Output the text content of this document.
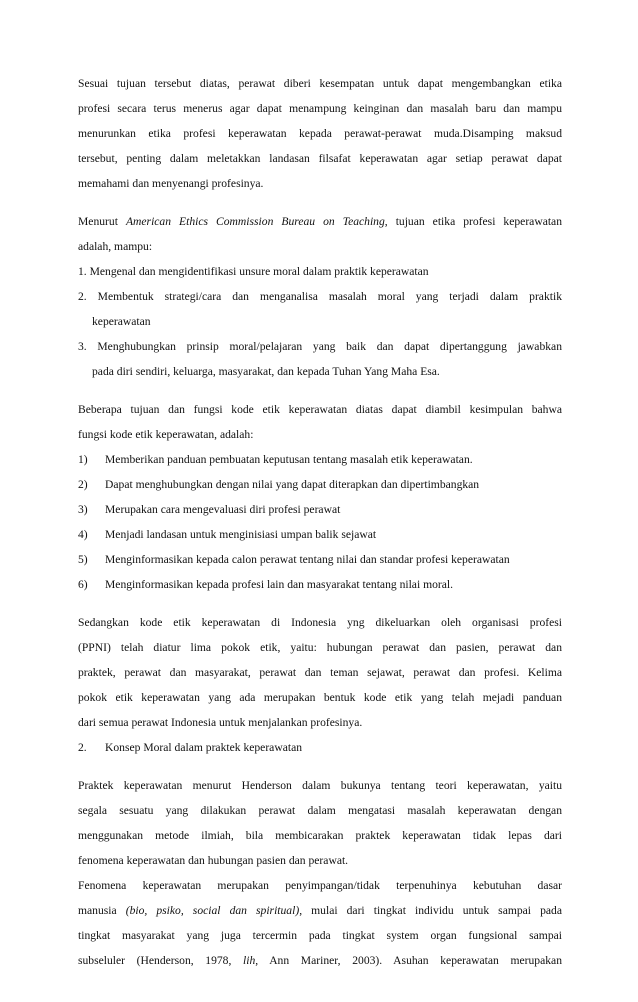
Sesuai tujuan tersebut diatas, perawat diberi kesempatan untuk dapat mengembangkan etika
profesi secara terus menerus agar dapat menampung keinginan dan masalah baru dan mampu
menurunkan etika profesi keperawatan kepada perawat-perawat muda.Disamping maksud
tersebut, penting dalam meletakkan landasan filsafat keperawatan agar setiap perawat dapat
memahami dan menyenangi profesinya.
Menurut American Ethics Commission Bureau on Teaching, tujuan etika profesi keperawatan
adalah, mampu:
1. Mengenal dan mengidentifikasi unsure moral dalam praktik keperawatan
2. Membentuk strategi/cara dan menganalisa masalah moral yang terjadi dalam praktik
keperawatan
3. Menghubungkan prinsip moral/pelajaran yang baik dan dapat dipertanggung jawabkan
pada diri sendiri, keluarga, masyarakat, dan kepada Tuhan Yang Maha Esa.
Beberapa tujuan dan fungsi kode etik keperawatan diatas dapat diambil kesimpulan bahwa
fungsi kode etik keperawatan, adalah:
1) Memberikan panduan pembuatan keputusan tentang masalah etik keperawatan.
2) Dapat menghubungkan dengan nilai yang dapat diterapkan dan dipertimbangkan
3) Merupakan cara mengevaluasi diri profesi perawat
4) Menjadi landasan untuk menginisiasi umpan balik sejawat
5) Menginformasikan kepada calon perawat tentang nilai dan standar profesi keperawatan
6) Menginformasikan kepada profesi lain dan masyarakat tentang nilai moral.
Sedangkan kode etik keperawatan di Indonesia yng dikeluarkan oleh organisasi profesi
(PPNI) telah diatur lima pokok etik, yaitu: hubungan perawat dan pasien, perawat dan
praktek, perawat dan masyarakat, perawat dan teman sejawat, perawat dan profesi. Kelima
pokok etik keperawatan yang ada merupakan bentuk kode etik yang telah mejadi panduan
dari semua perawat Indonesia untuk menjalankan profesinya.
2. Konsep Moral dalam praktek keperawatan
Praktek keperawatan menurut Henderson dalam bukunya tentang teori keperawatan, yaitu
segala sesuatu yang dilakukan perawat dalam mengatasi masalah keperawatan dengan
menggunakan metode ilmiah, bila membicarakan praktek keperawatan tidak lepas dari
fenomena keperawatan dan hubungan pasien dan perawat.
Fenomena keperawatan merupakan penyimpangan/tidak terpenuhinya kebutuhan dasar
manusia (bio, psiko, social dan spiritual), mulai dari tingkat individu untuk sampai pada
tingkat masyarakat yang juga tercermin pada tingkat system organ fungsional sampai
subseluler (Henderson, 1978, lih, Ann Mariner, 2003). Asuhan keperawatan merupakan
